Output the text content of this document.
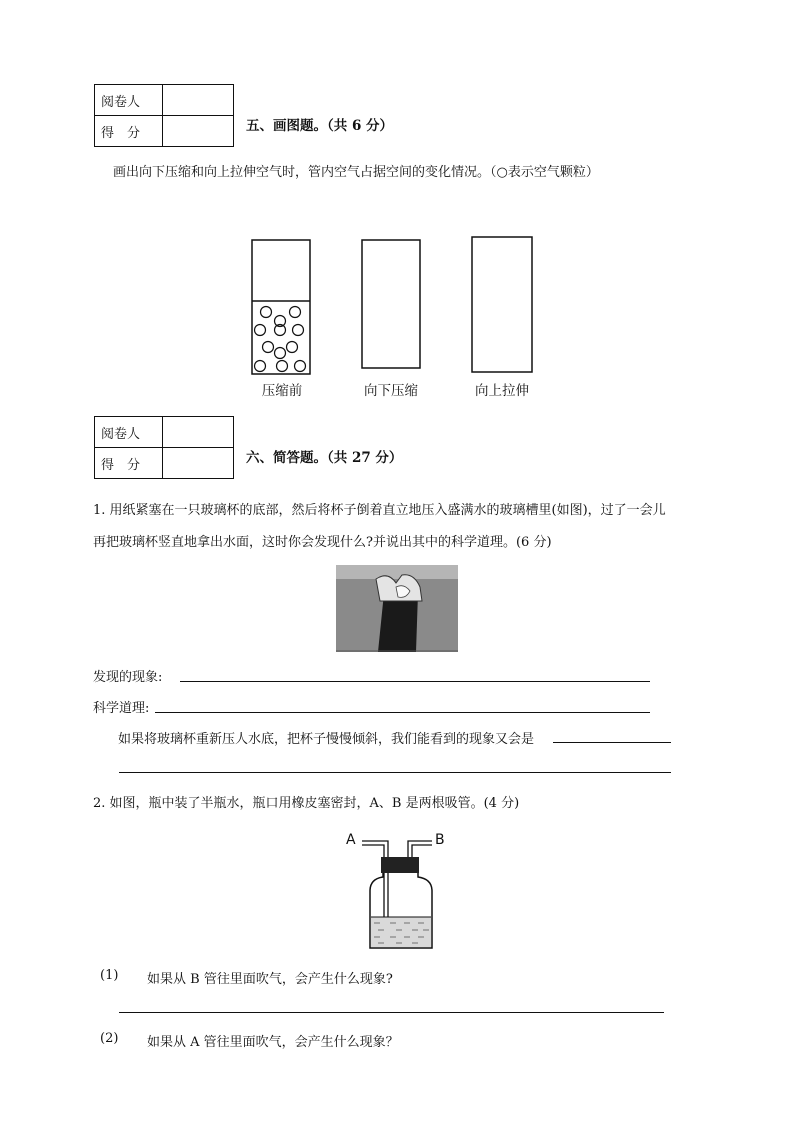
阅卷人	
得　分		五、画图题。（共 6 分）
画出向下压缩和向上拉伸空气时，管内空气占据空间的变化情况。（○表示空气颗粒）
压缩前	向下压缩	向上拉伸
阅卷人	
得　分		六、简答题。（共 27 分）
1. 用纸紧塞在一只玻璃杯的底部，然后将杯子倒着直立地压入盛满水的玻璃槽里(如图)，过了一会儿
再把玻璃杯竖直地拿出水面，这时你会发现什么?并说出其中的科学道理。(6 分)
发现的现象:
科学道理:
如果将玻璃杯重新压人水底，把杯子慢慢倾斜，我们能看到的现象又会是
2. 如图，瓶中装了半瓶水，瓶口用橡皮塞密封，A、B 是两根吸管。(4 分)
A	B
(1) 如果从 B 管往里面吹气，会产生什么现象?
(2) 如果从 A 管往里面吹气，会产生什么现象？
